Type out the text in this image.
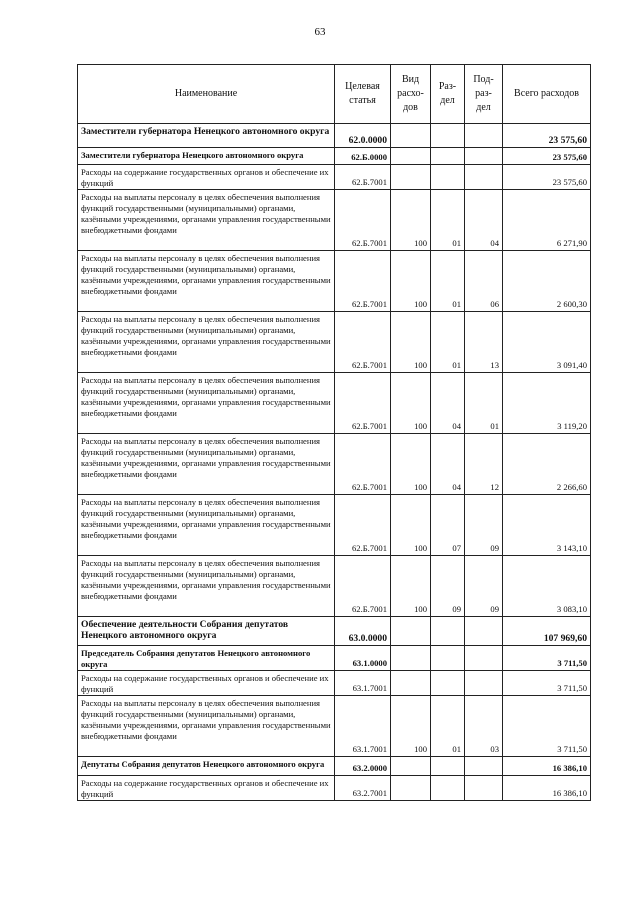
63
Наименование	Целевая статья	Вид расхо-дов	Раз-дел	Под-раз-дел	Всего расходов
Заместители губернатора Ненецкого автономного округа	62.0.0000				23 575,60
Заместители губернатора Ненецкого автономного округа	62.Б.0000				23 575,60
Расходы на содержание государственных органов и обеспечение их функций	62.Б.7001				23 575,60
Расходы на выплаты персоналу в целях обеспечения выполнения функций государственными (муниципальными) органами, казёнными учреждениями, органами управления государственными внебюджетными фондами	62.Б.7001	100	01	04	6 271,90
Расходы на выплаты персоналу в целях обеспечения выполнения функций государственными (муниципальными) органами, казёнными учреждениями, органами управления государственными внебюджетными фондами	62.Б.7001	100	01	06	2 600,30
Расходы на выплаты персоналу в целях обеспечения выполнения функций государственными (муниципальными) органами, казёнными учреждениями, органами управления государственными внебюджетными фондами	62.Б.7001	100	01	13	3 091,40
Расходы на выплаты персоналу в целях обеспечения выполнения функций государственными (муниципальными) органами, казёнными учреждениями, органами управления государственными внебюджетными фондами	62.Б.7001	100	04	01	3 119,20
Расходы на выплаты персоналу в целях обеспечения выполнения функций государственными (муниципальными) органами, казёнными учреждениями, органами управления государственными внебюджетными фондами	62.Б.7001	100	04	12	2 266,60
Расходы на выплаты персоналу в целях обеспечения выполнения функций государственными (муниципальными) органами, казёнными учреждениями, органами управления государственными внебюджетными фондами	62.Б.7001	100	07	09	3 143,10
Расходы на выплаты персоналу в целях обеспечения выполнения функций государственными (муниципальными) органами, казёнными учреждениями, органами управления государственными внебюджетными фондами	62.Б.7001	100	09	09	3 083,10
Обеспечение деятельности Собрания депутатов Ненецкого автономного округа	63.0.0000				107 969,60
Председатель Собрания депутатов Ненецкого автономного округа	63.1.0000				3 711,50
Расходы на содержание государственных органов и обеспечение их функций	63.1.7001				3 711,50
Расходы на выплаты персоналу в целях обеспечения выполнения функций государственными (муниципальными) органами, казёнными учреждениями, органами управления государственными внебюджетными фондами	63.1.7001	100	01	03	3 711,50
Депутаты Собрания депутатов Ненецкого автономного округа	63.2.0000				16 386,10
Расходы на содержание государственных органов и обеспечение их функций	63.2.7001				16 386,10
